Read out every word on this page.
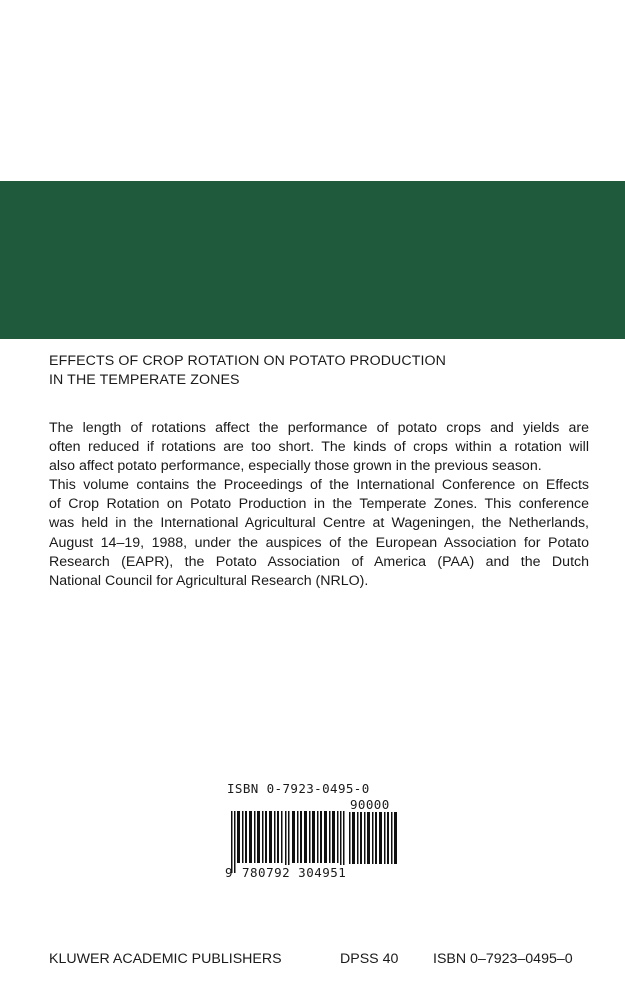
EFFECTS OF CROP ROTATION ON POTATO PRODUCTION
IN THE TEMPERATE ZONES
The length of rotations affect the performance of potato crops and yields are
often reduced if rotations are too short. The kinds of crops within a rotation will
also affect potato performance, especially those grown in the previous season.
This volume contains the Proceedings of the International Conference on Effects
of Crop Rotation on Potato Production in the Temperate Zones. This conference
was held in the International Agricultural Centre at Wageningen, the Netherlands,
August 14–19, 1988, under the auspices of the European Association for Potato
Research (EAPR), the Potato Association of America (PAA) and the Dutch
National Council for Agricultural Research (NRLO).
ISBN 0-7923-0495-0
90000
9 780792 304951
KLUWER ACADEMIC PUBLISHERS	DPSS 40 ISBN 0–7923–0495–0
